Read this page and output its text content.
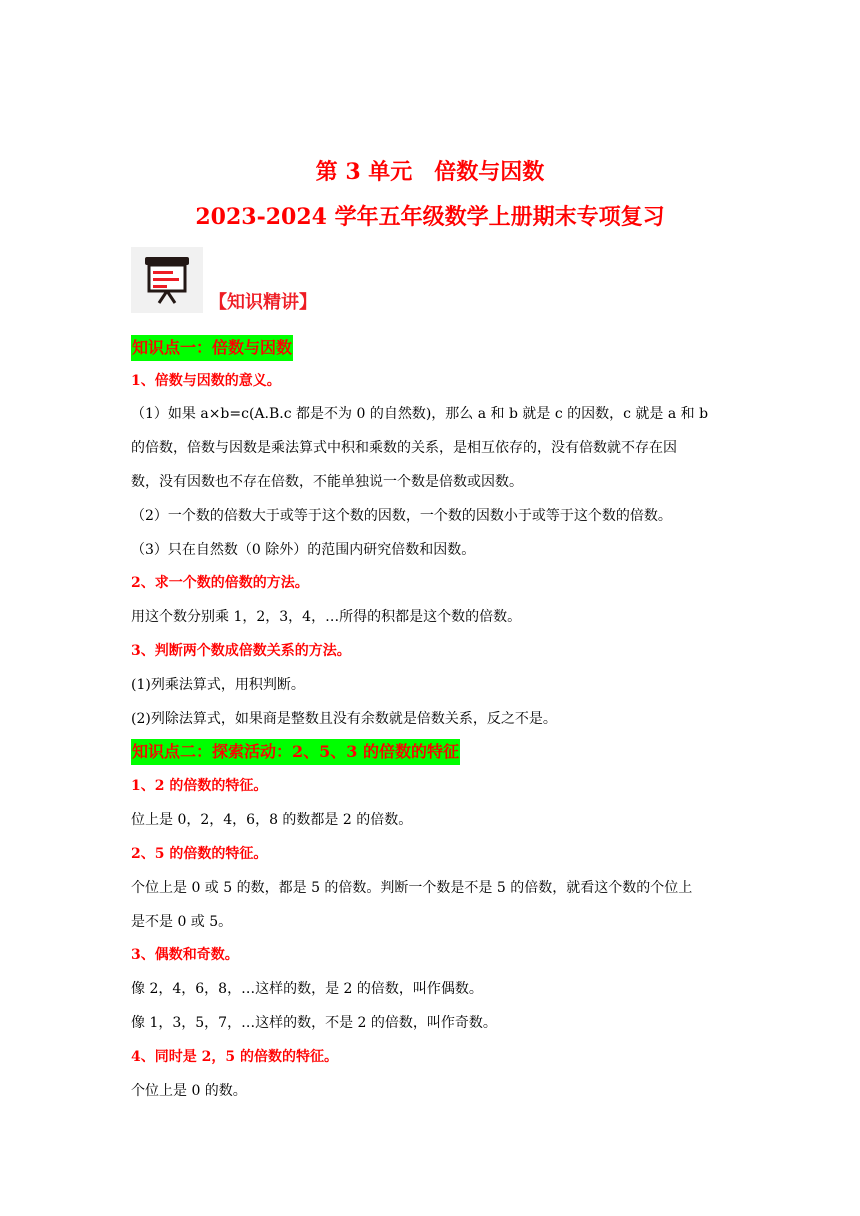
第 3 单元　倍数与因数
2023-2024 学年五年级数学上册期末专项复习
【知识精讲】
知识点一：倍数与因数
1、倍数与因数的意义。
（1）如果 a×b=c(A.B.c 都是不为 0 的自然数)，那么 a 和 b 就是 c 的因数，c 就是 a 和 b
的倍数，倍数与因数是乘法算式中积和乘数的关系，是相互依存的，没有倍数就不存在因
数，没有因数也不存在倍数，不能单独说一个数是倍数或因数。
（2）一个数的倍数大于或等于这个数的因数，一个数的因数小于或等于这个数的倍数。
（3）只在自然数（0 除外）的范围内研究倍数和因数。
2、求一个数的倍数的方法。
用这个数分别乘 1，2，3，4，…所得的积都是这个数的倍数。
3、判断两个数成倍数关系的方法。
(1)列乘法算式，用积判断。
(2)列除法算式，如果商是整数且没有余数就是倍数关系，反之不是。
知识点二：探索活动：2、5、3 的倍数的特征
1、2 的倍数的特征。
位上是 0，2，4，6，8 的数都是 2 的倍数。
2、5 的倍数的特征。
个位上是 0 或 5 的数，都是 5 的倍数。判断一个数是不是 5 的倍数，就看这个数的个位上
是不是 0 或 5。
3、偶数和奇数。
像 2，4，6，8，…这样的数，是 2 的倍数，叫作偶数。
像 1，3，5，7，…这样的数，不是 2 的倍数，叫作奇数。
4、同时是 2，5 的倍数的特征。
个位上是 0 的数。
